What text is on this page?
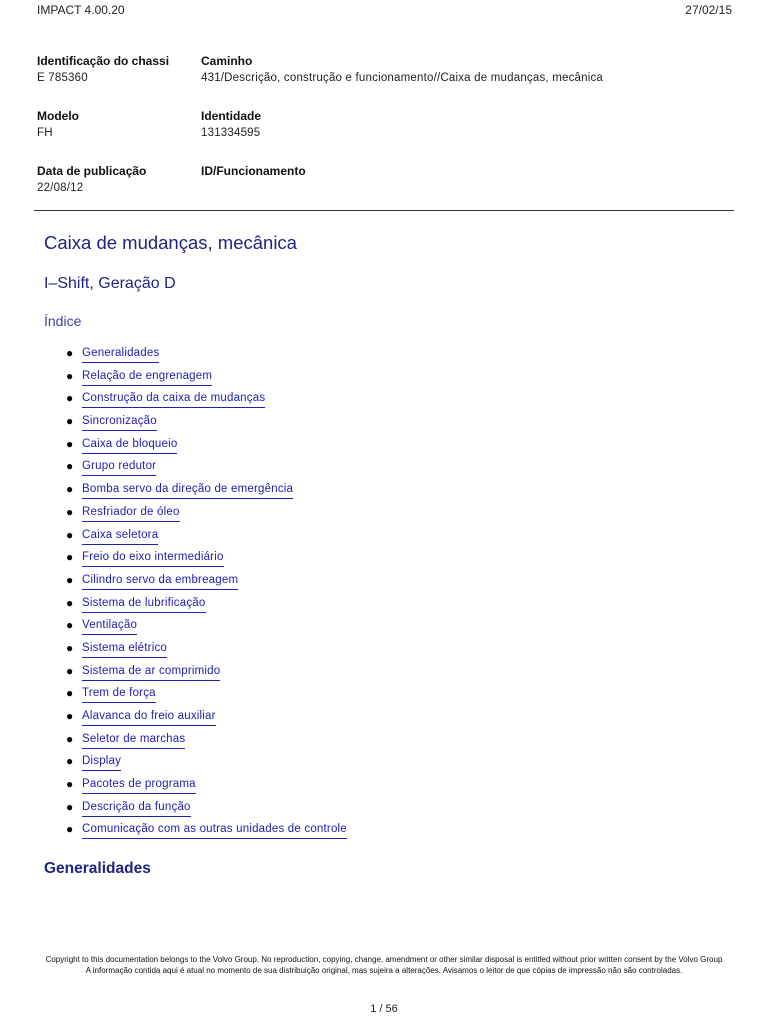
IMPACT 4.00.20	27/02/15
Identificação do chassi
E 785360
Caminho
431/Descrição, construção e funcionamento//Caixa de mudanças, mecânica
Modelo
FH
Identidade
131334595
Data de publicação
22/08/12
ID/Funcionamento
Caixa de mudanças, mecânica
I–Shift, Geração D
Índice
● Generalidades
● Relação de engrenagem
● Construção da caixa de mudanças
● Sincronização
● Caixa de bloqueio
● Grupo redutor
● Bomba servo da direção de emergência
● Resfriador de óleo
● Caixa seletora
● Freio do eixo intermediário
● Cilindro servo da embreagem
● Sistema de lubrificação
● Ventilação
● Sistema elétrico
● Sistema de ar comprimido
● Trem de força
● Alavanca do freio auxiliar
● Seletor de marchas
● Display
● Pacotes de programa
● Descrição da função
● Comunicação com as outras unidades de controle
Generalidades
Copyright to this documentation belongs to the Volvo Group. No reproduction, copying, change, amendment or other similar disposal is entitled without prior written consent by the Volvo Group
A informação contida aqui é atual no momento de sua distribuição original, mas sujeira a alterações. Avisamos o leitor de que cópias de impressão não são controladas.
1 / 56
